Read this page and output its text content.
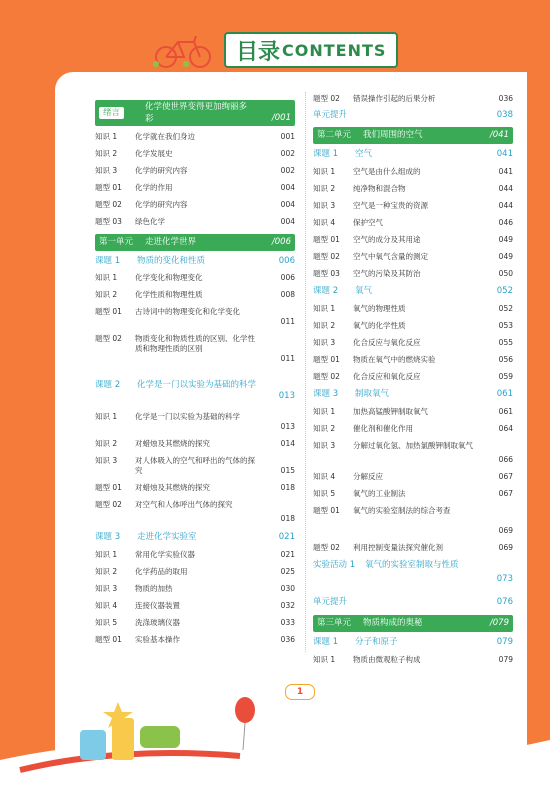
目录 CONTENTS
绪言
化学使世界变得更加绚丽多彩	/001
知识 1 化学就在我们身边	001
知识 2 化学发展史	002
知识 3 化学的研究内容	002
题型 01 化学的作用	004
题型 02 化学的研究内容	004
题型 03 绿色化学	004
第一单元 走进化学世界	/006
课题 1 物质的变化和性质	006
知识 1 化学变化和物理变化	006
知识 2 化学性质和物理性质	008
题型 01 古诗词中的物理变化和化学变化
011
题型 02 物质变化和物质性质的区别、化学性质和物理性质的区别
011
课题 2 化学是一门以实验为基础的科学
013
知识 1 化学是一门以实验为基础的科学
013
知识 2 对蜡烛及其燃烧的探究	014
知识 3 对人体吸入的空气和呼出的气体的探究	015
题型 01 对蜡烛及其燃烧的探究	018
题型 02 对空气和人体呼出气体的探究
018
课题 3 走进化学实验室	021
知识 1 常用化学实验仪器	021
知识 2 化学药品的取用	025
知识 3 物质的加热	030
知识 4 连接仪器装置	032
知识 5 洗涤玻璃仪器	033
题型 01 实验基本操作	036
题型 02 错误操作引起的后果分析	036
单元提升	038
第二单元 我们周围的空气	/041
课题 1 空气	041
知识 1 空气是由什么组成的	041
知识 2 纯净物和混合物	044
知识 3 空气是一种宝贵的资源	044
知识 4 保护空气	046
题型 01 空气的成分及其用途	049
题型 02 空气中氧气含量的测定	049
题型 03 空气的污染及其防治	050
课题 2 氧气	052
知识 1 氧气的物理性质	052
知识 2 氧气的化学性质	053
知识 3 化合反应与氧化反应	055
题型 01 物质在氧气中的燃烧实验	056
题型 02 化合反应和氧化反应	059
课题 3 制取氧气	061
知识 1 加热高锰酸钾制取氧气	061
知识 2 催化剂和催化作用	064
知识 3 分解过氧化氢、加热氯酸钾制取氧气
066
知识 4 分解反应	067
知识 5 氧气的工业制法	067
题型 01 氧气的实验室制法的综合考查
069
题型 02 利用控制变量法探究催化剂	069
实验活动 1 氧气的实验室制取与性质
073
单元提升	076
第三单元 物质构成的奥秘	/079
课题 1 分子和原子	079
知识 1 物质由微观粒子构成	079
1
